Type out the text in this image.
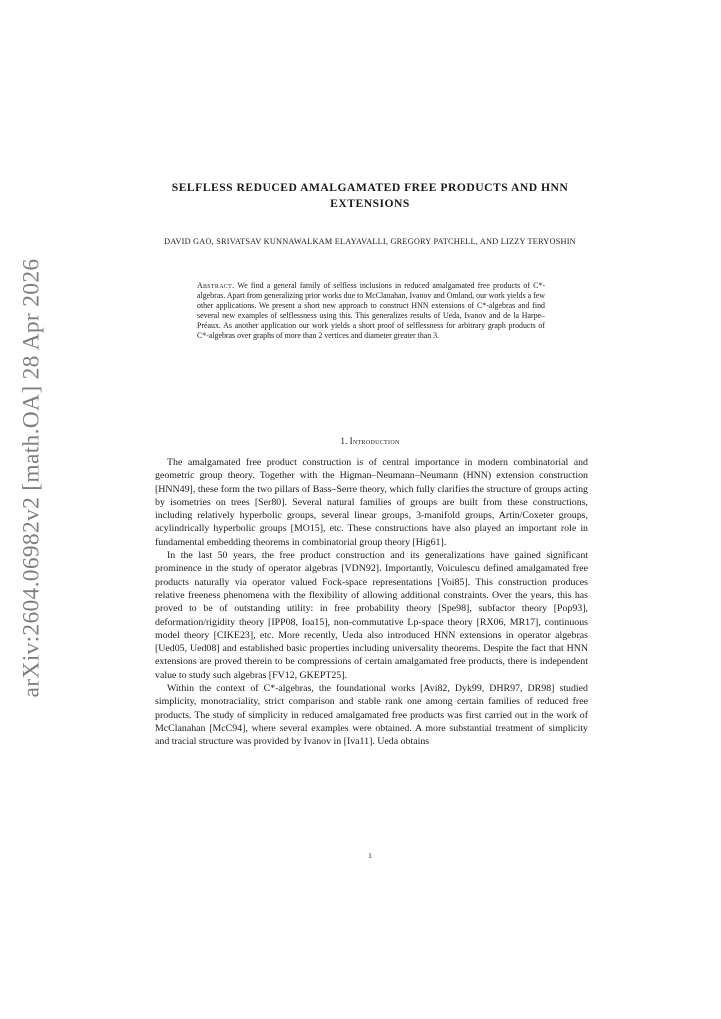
arXiv:2604.06982v2 [math.OA] 28 Apr 2026
SELFLESS REDUCED AMALGAMATED FREE PRODUCTS AND HNN EXTENSIONS
DAVID GAO, SRIVATSAV KUNNAWALKAM ELAYAVALLI, GREGORY PATCHELL, AND LIZZY TERYOSHIN
Abstract. We find a general family of selfless inclusions in reduced amalgamated free products of C*-algebras. Apart from generalizing prior works due to McClanahan, Ivanov and Omland, our work yields a few other applications. We present a short new approach to construct HNN extensions of C*-algebras and find several new examples of selflessness using this. This generalizes results of Ueda, Ivanov and de la Harpe–Préaux. As another application our work yields a short proof of selflessness for arbitrary graph products of C*-algebras over graphs of more than 2 vertices and diameter greater than 3.
1. Introduction

The amalgamated free product construction is of central importance in modern combinatorial and geometric group theory. Together with the Higman–Neumann–Neumann (HNN) extension construction [HNN49], these form the two pillars of Bass–Serre theory, which fully clarifies the structure of groups acting by isometries on trees [Ser80]. Several natural families of groups are built from these constructions, including relatively hyperbolic groups, several linear groups, 3-manifold groups, Artin/Coxeter groups, acylindrically hyperbolic groups [MO15], etc. These constructions have also played an important role in fundamental embedding theorems in combinatorial group theory [Hig61].

In the last 50 years, the free product construction and its generalizations have gained significant prominence in the study of operator algebras [VDN92]. Importantly, Voiculescu defined amalgamated free products naturally via operator valued Fock-space representations [Voi85]. This construction produces relative freeness phenomena with the flexibility of allowing additional constraints. Over the years, this has proved to be of outstanding utility: in free probability theory [Spe98], subfactor theory [Pop93], deformation/rigidity theory [IPP08, Ioa15], non-commutative Lp-space theory [RX06, MR17], continuous model theory [CIKE23], etc. More recently, Ueda also introduced HNN extensions in operator algebras [Ued05, Ued08] and established basic properties including universality theorems. Despite the fact that HNN extensions are proved therein to be compressions of certain amalgamated free products, there is independent value to study such algebras [FV12, GKEPT25].

Within the context of C*-algebras, the foundational works [Avi82, Dyk99, DHR97, DR98] studied simplicity, monotraciality, strict comparison and stable rank one among certain families of reduced free products. The study of simplicity in reduced amalgamated free products was first carried out in the work of McClanahan [McC94], where several examples were obtained. A more substantial treatment of simplicity and tracial structure was provided by Ivanov in [Iva11]. Ueda obtains

1
